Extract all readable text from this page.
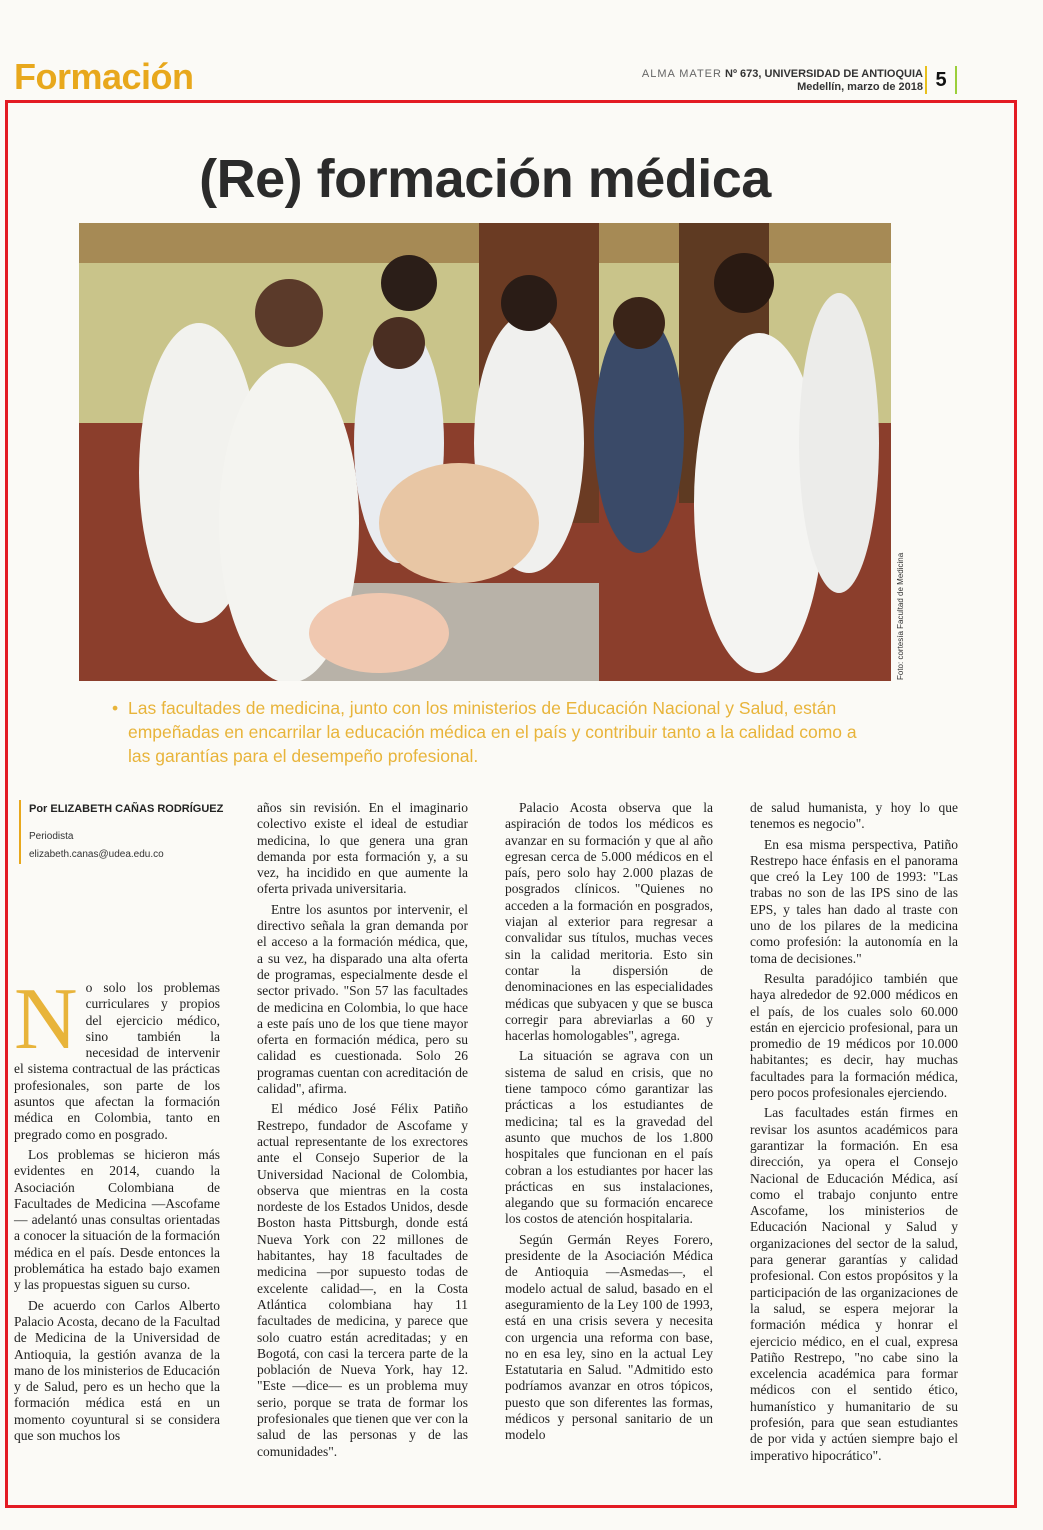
Formación	ALMA MATER Nº 673, UNIVERSIDAD DE ANTIOQUIA
Medellín, marzo de 2018 5
(Re) formación médica
Foto: cortesía Facultad de Medicina
• Las facultades de medicina, junto con los ministerios de Educación Nacional y Salud, están empeñadas en encarrilar la educación médica en el país y contribuir tanto a la calidad como a las garantías para el desempeño profesional.
Por ELIZABETH CAÑAS RODRÍGUEZ
Periodista
elizabeth.canas@udea.edu.co
N o solo los problemas curriculares y propios del ejercicio médico, sino también la necesidad de intervenir el sistema contractual de las prácticas profesionales, son parte de los asuntos que afectan la formación médica en Colombia, tanto en pregrado como en posgrado.

Los problemas se hicieron más evidentes en 2014, cuando la Asociación Colombiana de Facultades de Medicina —Ascofame— adelantó unas consultas orientadas a conocer la situación de la formación médica en el país. Desde entonces la problemática ha estado bajo examen y las propuestas siguen su curso.

De acuerdo con Carlos Alberto Palacio Acosta, decano de la Facultad de Medicina de la Universidad de Antioquia, la gestión avanza de la mano de los ministerios de Educación y de Salud, pero es un hecho que la formación médica está en un momento coyuntural si se considera que son muchos los

años sin revisión. En el imaginario colectivo existe el ideal de estudiar medicina, lo que genera una gran demanda por esta formación y, a su vez, ha incidido en que aumente la oferta privada universitaria.

Entre los asuntos por intervenir, el directivo señala la gran demanda por el acceso a la formación médica, que, a su vez, ha disparado una alta oferta de programas, especialmente desde el sector privado. "Son 57 las facultades de medicina en Colombia, lo que hace a este país uno de los que tiene mayor oferta en formación médica, pero su calidad es cuestionada. Solo 26 programas cuentan con acreditación de calidad", afirma.

El médico José Félix Patiño Restrepo, fundador de Ascofame y actual representante de los exrectores ante el Consejo Superior de la Universidad Nacional de Colombia, observa que mientras en la costa nordeste de los Estados Unidos, desde Boston hasta Pittsburgh, donde está Nueva York con 22 millones de habitantes, hay 18 facultades de medicina —por supuesto todas de excelente calidad—, en la Costa Atlántica colombiana hay 11 facultades de medicina, y parece que solo cuatro están acreditadas; y en Bogotá, con casi la tercera parte de la población de Nueva York, hay 12. "Este —dice— es un problema muy serio, porque se trata de formar los profesionales que tienen que ver con la salud de las personas y de las comunidades".

Palacio Acosta observa que la aspiración de todos los médicos es avanzar en su formación y que al año egresan cerca de 5.000 médicos en el país, pero solo hay 2.000 plazas de posgrados clínicos. "Quienes no acceden a la formación en posgrados, viajan al exterior para regresar a convalidar sus títulos, muchas veces sin la calidad meritoria. Esto sin contar la dispersión de denominaciones en las especialidades médicas que subyacen y que se busca corregir para abreviarlas a 60 y hacerlas homologables", agrega.

La situación se agrava con un sistema de salud en crisis, que no tiene tampoco cómo garantizar las prácticas a los estudiantes de medicina; tal es la gravedad del asunto que muchos de los 1.800 hospitales que funcionan en el país cobran a los estudiantes por hacer las prácticas en sus instalaciones, alegando que su formación encarece los costos de atención hospitalaria.

Según Germán Reyes Forero, presidente de la Asociación Médica de Antioquia —Asmedas—, el modelo actual de salud, basado en el aseguramiento de la Ley 100 de 1993, está en una crisis severa y necesita con urgencia una reforma con base, no en esa ley, sino en la actual Ley Estatutaria en Salud. "Admitido esto podríamos avanzar en otros tópicos, puesto que son diferentes las formas, médicos y personal sanitario de un modelo

de salud humanista, y hoy lo que tenemos es negocio".

En esa misma perspectiva, Patiño Restrepo hace énfasis en el panorama que creó la Ley 100 de 1993: "Las trabas no son de las IPS sino de las EPS, y tales han dado al traste con uno de los pilares de la medicina como profesión: la autonomía en la toma de decisiones."

Resulta paradójico también que haya alrededor de 92.000 médicos en el país, de los cuales solo 60.000 están en ejercicio profesional, para un promedio de 19 médicos por 10.000 habitantes; es decir, hay muchas facultades para la formación médica, pero pocos profesionales ejerciendo.

Las facultades están firmes en revisar los asuntos académicos para garantizar la formación. En esa dirección, ya opera el Consejo Nacional de Educación Médica, así como el trabajo conjunto entre Ascofame, los ministerios de Educación Nacional y Salud y organizaciones del sector de la salud, para generar garantías y calidad profesional. Con estos propósitos y la participación de las organizaciones de la salud, se espera mejorar la formación médica y honrar el ejercicio médico, en el cual, expresa Patiño Restrepo, "no cabe sino la excelencia académica para formar médicos con el sentido ético, humanístico y humanitario de su profesión, para que sean estudiantes de por vida y actúen siempre bajo el imperativo hipocrático".
